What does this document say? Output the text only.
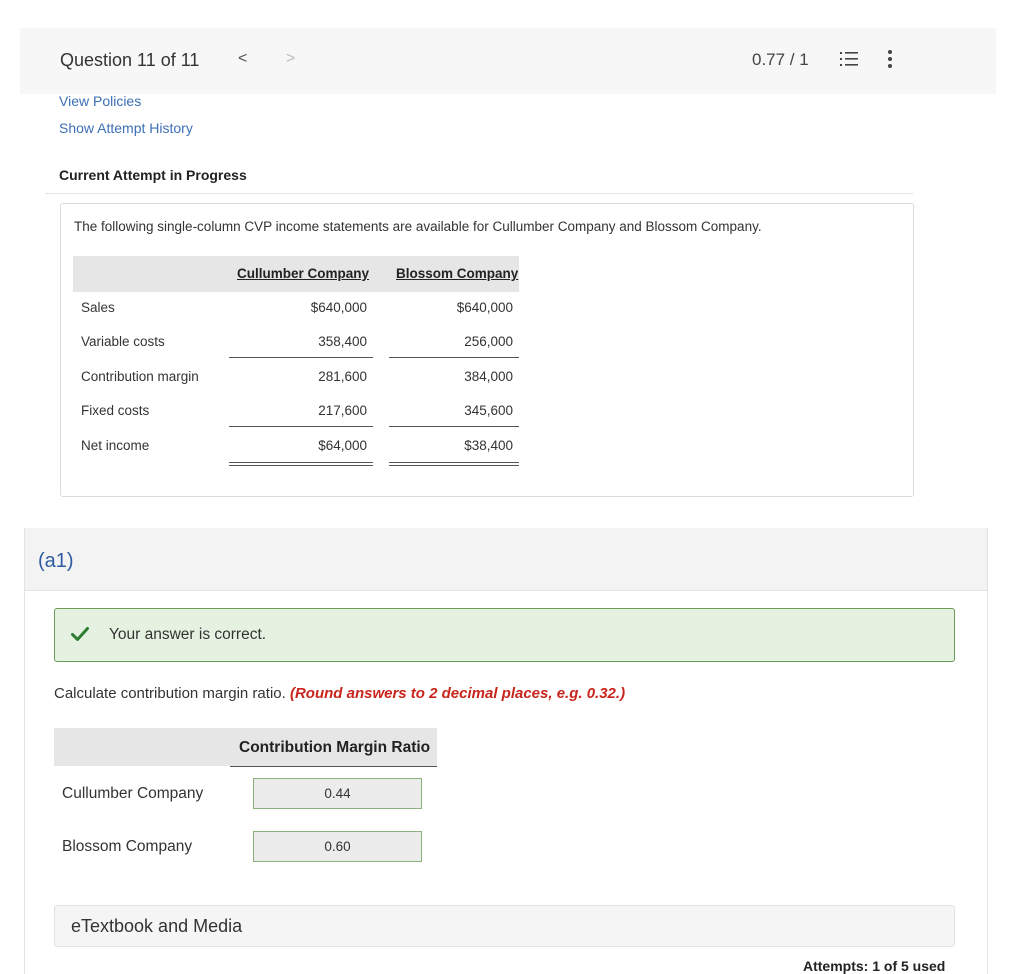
Question 11 of 11 < >	0.77 / 1
View Policies
Show Attempt History
Current Attempt in Progress
The following single-column CVP income statements are available for Cullumber Company and Blossom Company.
Cullumber Company Blossom Company
Sales	$640,000	$640,000
Variable costs	358,400	256,000
Contribution margin	281,600	384,000
Fixed costs	217,600	345,600
Net income	$64,000	$38,400
(a1)
Your answer is correct.
Calculate contribution margin ratio. (Round answers to 2 decimal places, e.g. 0.32.)
Contribution Margin Ratio
Cullumber Company	0.44
Blossom Company	0.60
eTextbook and Media
Attempts: 1 of 5 used
